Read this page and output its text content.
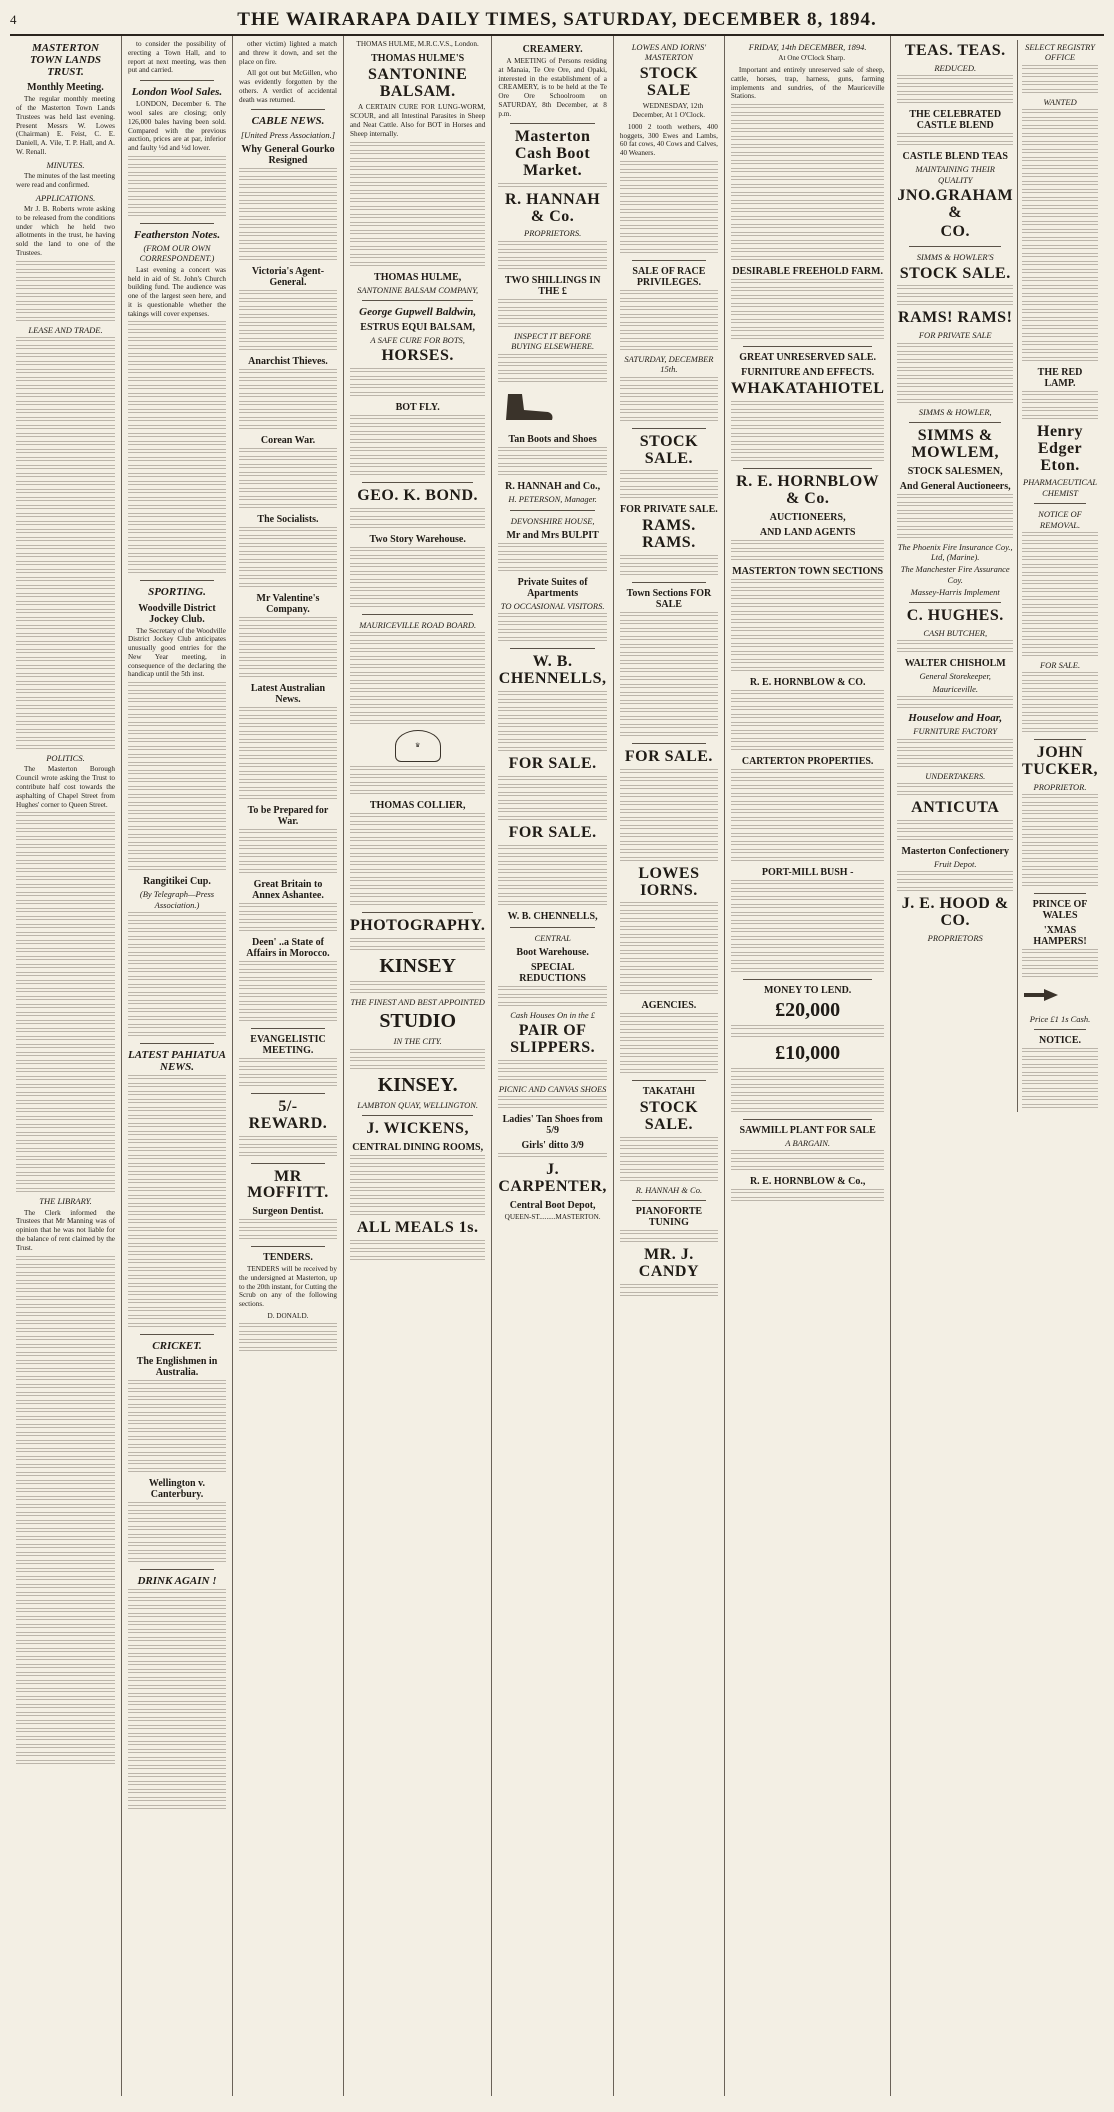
4	THE WAIRARAPA DAILY TIMES, SATURDAY, DECEMBER 8, 1894.
MASTERTON TOWN LANDS TRUST.
Monthly Meeting.

The regular monthly meeting of the Masterton Town Lands Trustees was held last evening. Present Messrs W. Lowes (Chairman) E. Feist, C. E. Daniell, A. Vile, T. P. Hall, and A. W. Renall.

MINUTES.

The minutes of the last meeting were read and confirmed.

APPLICATIONS.

Mr J. B. Roberts wrote asking to be released from the conditions under which he held two allotments in the trust, he having sold the land to one of the Trustees.

LEASE AND TRADE.
POLITICS.

The Masterton Borough Council wrote asking the Trust to contribute half cost towards the asphalting of Chapel Street from Hughes' corner to Queen Street.

THE LIBRARY.

The Clerk informed the Trustees that Mr Manning was of opinion that he was not liable for the balance of rent claimed by the Trust.

to consider the possibility of erecting a Town Hall, and to report at next meeting, was then put and carried.

London Wool Sales.

LONDON, December 6. The wool sales are closing; only 126,000 bales having been sold. Compared with the previous auction, prices are at par, inferior and faulty ½d and ¼d lower.

Featherston Notes.
(FROM OUR OWN CORRESPONDENT.)

Last evening a concert was held in aid of St. John's Church building fund. The audience was one of the largest seen here, and it is questionable whether the takings will cover expenses.

SPORTING.
Woodville District Jockey Club.

The Secretary of the Woodville District Jockey Club anticipates unusually good entries for the New Year meeting, in consequence of the declaring the handicap until the 5th inst.

Rangitikei Cup.
(By Telegraph—Press Association.)
LATEST PAHIATUA NEWS.
CRICKET.
The Englishmen in Australia.
Wellington v. Canterbury.
DRINK AGAIN !

other victim) lighted a match and threw it down, and set the place on fire.

All got out but McGillen, who was evidently forgotten by the others. A verdict of accidental death was returned.

CABLE NEWS.
[United Press Association.]
Why General Gourko Resigned
Victoria's Agent-General.
Anarchist Thieves.
Corean War.
The Socialists.
Mr Valentine's Company.
Latest Australian News.
To be Prepared for War.
Great Britain to Annex Ashantee.
Deen' ..a State of Affairs in Morocco.
EVANGELISTIC MEETING.
5/- REWARD.
MR MOFFITT.
Surgeon Dentist.
TENDERS.

TENDERS will be received by the undersigned at Masterton, up to the 20th instant, for Cutting the Scrub on any of the following sections.

D. DONALD.
THOMAS HULME, M.R.C.V.S., London.
THOMAS HULME'S
SANTONINE BALSAM.

A CERTAIN CURE FOR LUNG-WORM, SCOUR, and all Intestinal Parasites in Sheep and Neat Cattle. Also for BOT in Horses and Sheep internally.

THOMAS HULME,
SANTONINE BALSAM COMPANY,
George Gupwell Baldwin,
ESTRUS EQUI BALSAM,
A SAFE CURE FOR BOTS,
HORSES.
BOT FLY.
GEO. K. BOND.
Two Story Warehouse.
MAURICEVILLE ROAD BOARD.
♛
THOMAS COLLIER,
PHOTOGRAPHY.
KINSEY
THE FINEST AND BEST APPOINTED
STUDIO
IN THE CITY.
KINSEY.
LAMBTON QUAY, WELLINGTON.
J. WICKENS,
CENTRAL DINING ROOMS,
ALL MEALS 1s.
CREAMERY.

A MEETING of Persons residing at Manaia, Te Ore Ore, and Opaki, interested in the establishment of a CREAMERY, is to be held at the Te Ore Ore Schoolroom on SATURDAY, 8th December, at 8 p.m.

Masterton Cash Boot Market.
R. HANNAH & Co.
PROPRIETORS.
TWO SHILLINGS IN THE £
INSPECT IT BEFORE BUYING ELSEWHERE.
Tan Boots and Shoes
R. HANNAH and Co.,
H. PETERSON, Manager.
DEVONSHIRE HOUSE,
Mr and Mrs BULPIT
Private Suites of Apartments
TO OCCASIONAL VISITORS.
W. B. CHENNELLS,
FOR SALE.
FOR SALE.
W. B. CHENNELLS,
CENTRAL
Boot Warehouse.
SPECIAL REDUCTIONS
Cash Houses On in the £
PAIR OF SLIPPERS.
PICNIC AND CANVAS SHOES
Ladies' Tan Shoes from 5/9
Girls' ditto 3/9
J. CARPENTER,
Central Boot Depot,
QUEEN-ST.........MASTERTON.
LOWES AND IORNS' MASTERTON
STOCK SALE

WEDNESDAY, 12th December, At 1 O'Clock.

1000 2 tooth wethers, 400 hoggets, 300 Ewes and Lambs, 60 fat cows, 40 Cows and Calves, 40 Weaners.

SALE OF RACE PRIVILEGES.
SATURDAY, DECEMBER 15th.
STOCK SALE.
FOR PRIVATE SALE.
RAMS. RAMS.
Town Sections FOR SALE
FOR SALE.
LOWES IORNS.
AGENCIES.
TAKATAHI
STOCK SALE.
R. HANNAH & Co.
PIANOFORTE TUNING
MR. J. CANDY
FRIDAY, 14th DECEMBER, 1894.

At One O'Clock Sharp.

Important and entirely unreserved sale of sheep, cattle, horses, trap, harness, guns, farming implements and sundries, of the Mauriceville Stations.

DESIRABLE FREEHOLD FARM.
GREAT UNRESERVED SALE.
FURNITURE AND EFFECTS.
WHAKATAHIOTEL
R. E. HORNBLOW & Co.
AUCTIONEERS,
AND LAND AGENTS
MASTERTON TOWN SECTIONS
R. E. HORNBLOW & CO.
CARTERTON PROPERTIES.
PORT-MILL BUSH -
MONEY TO LEND.
£20,000
£10,000
SAWMILL PLANT FOR SALE
A BARGAIN.
R. E. HORNBLOW & Co.,
TEAS. TEAS.
REDUCED.
THE CELEBRATED CASTLE BLEND
CASTLE BLEND TEAS
MAINTAINING THEIR QUALITY
JNO.GRAHAM &
CO.
SIMMS & HOWLER'S
STOCK SALE.
RAMS! RAMS!
FOR PRIVATE SALE
SIMMS & HOWLER,
SIMMS & MOWLEM,
STOCK SALESMEN,
And General Auctioneers,
The Phoenix Fire Insurance Coy., Ltd, (Marine).
The Manchester Fire Assurance Coy.
Massey-Harris Implement
C. HUGHES.
CASH BUTCHER,
WALTER CHISHOLM
General Storekeeper,
Mauriceville.
Houselow and Hoar,
FURNITURE FACTORY
UNDERTAKERS.
ANTICUTA
Masterton Confectionery
Fruit Depot.
J. E. HOOD & CO.
PROPRIETORS
SELECT REGISTRY OFFICE
WANTED
THE RED LAMP.
Henry Edger Eton.
PHARMACEUTICAL CHEMIST
NOTICE OF REMOVAL.
FOR SALE.
JOHN TUCKER,
PROPRIETOR.
PRINCE OF WALES
'XMAS HAMPERS!
Price £1 1s Cash.
NOTICE.
